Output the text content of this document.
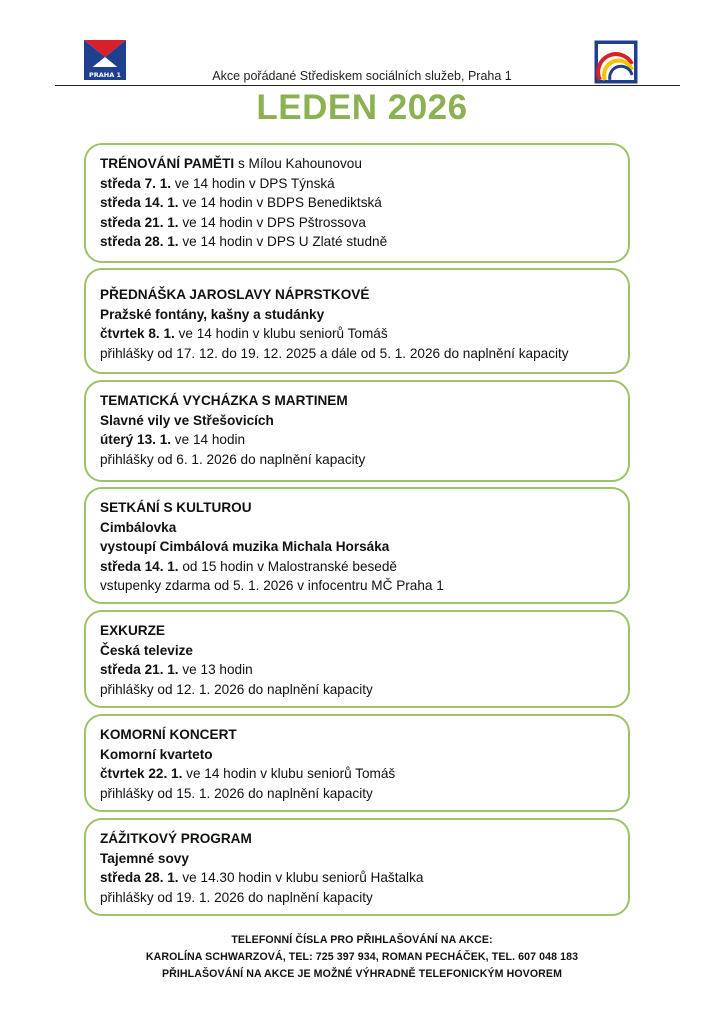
PRAHA 1	Akce pořádané Střediskem sociálních služeb, Praha 1
LEDEN 2026
TRÉNOVÁNÍ PAMĚTI s Mílou Kahounovou
středa 7. 1. ve 14 hodin v DPS Týnská
středa 14. 1. ve 14 hodin v BDPS Benediktská
středa 21. 1. ve 14 hodin v DPS Pštrossova
středa 28. 1. ve 14 hodin v DPS U Zlaté studně
PŘEDNÁŠKA JAROSLAVY NÁPRSTKOVÉ
Pražské fontány, kašny a studánky
čtvrtek 8. 1. ve 14 hodin v klubu seniorů Tomáš
přihlášky od 17. 12. do 19. 12. 2025 a dále od 5. 1. 2026 do naplnění kapacity
TEMATICKÁ VYCHÁZKA S MARTINEM
Slavné vily ve Střešovicích
úterý 13. 1. ve 14 hodin
přihlášky od 6. 1. 2026 do naplnění kapacity
SETKÁNÍ S KULTUROU
Cimbálovka
vystoupí Cimbálová muzika Michala Horsáka
středa 14. 1. od 15 hodin v Malostranské besedě
vstupenky zdarma od 5. 1. 2026 v infocentru MČ Praha 1
EXKURZE
Česká televize
středa 21. 1. ve 13 hodin
přihlášky od 12. 1. 2026 do naplnění kapacity
KOMORNÍ KONCERT
Komorní kvarteto
čtvrtek 22. 1. ve 14 hodin v klubu seniorů Tomáš
přihlášky od 15. 1. 2026 do naplnění kapacity
ZÁŽITKOVÝ PROGRAM
Tajemné sovy
středa 28. 1. ve 14.30 hodin v klubu seniorů Haštalka
přihlášky od 19. 1. 2026 do naplnění kapacity
TELEFONNÍ ČÍSLA PRO PŘIHLAŠOVÁNÍ NA AKCE:
KAROLÍNA SCHWARZOVÁ, TEL: 725 397 934, ROMAN PECHÁČEK, TEL. 607 048 183
PŘIHLAŠOVÁNÍ NA AKCE JE MOŽNÉ VÝHRADNĚ TELEFONICKÝM HOVOREM
